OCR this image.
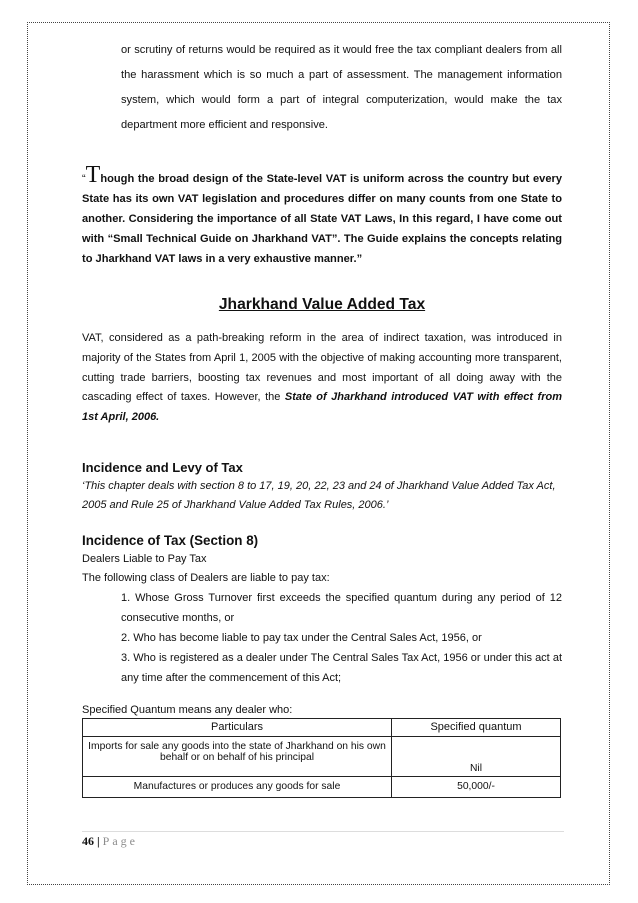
or scrutiny of returns would be required as it would free the tax compliant dealers from all the harassment which is so much a part of assessment. The management information system, which would form a part of integral computerization, would make the tax department more efficient and responsive.

“Though the broad design of the State-level VAT is uniform across the country but every State has its own VAT legislation and procedures differ on many counts from one State to another. Considering the importance of all State VAT Laws, In this regard, I have come out with “Small Technical Guide on Jharkhand VAT”. The Guide explains the concepts relating to Jharkhand VAT laws in a very exhaustive manner.”

Jharkhand Value Added Tax

VAT, considered as a path-breaking reform in the area of indirect taxation, was introduced in majority of the States from April 1, 2005 with the objective of making accounting more transparent, cutting trade barriers, boosting tax revenues and most important of all doing away with the cascading effect of taxes. However, the State of Jharkhand introduced VAT with effect from 1st April, 2006.

Incidence and Levy of Tax

‘This chapter deals with section 8 to 17, 19, 20, 22, 23 and 24 of Jharkhand Value Added Tax Act, 2005 and Rule 25 of Jharkhand Value Added Tax Rules, 2006.’

Incidence of Tax (Section 8)
Dealers Liable to Pay Tax
The following class of Dealers are liable to pay tax:
1. Whose Gross Turnover first exceeds the specified quantum during any period of 12 consecutive months, or
2. Who has become liable to pay tax under the Central Sales Act, 1956, or
3. Who is registered as a dealer under The Central Sales Tax Act, 1956 or under this act at any time after the commencement of this Act;
Specified Quantum means any dealer who:
Particulars	Specified quantum
Imports for sale any goods into the state of Jharkhand on his own behalf or on behalf of his principal	Nil
Manufactures or produces any goods for sale	50,000/-
46 | Page
